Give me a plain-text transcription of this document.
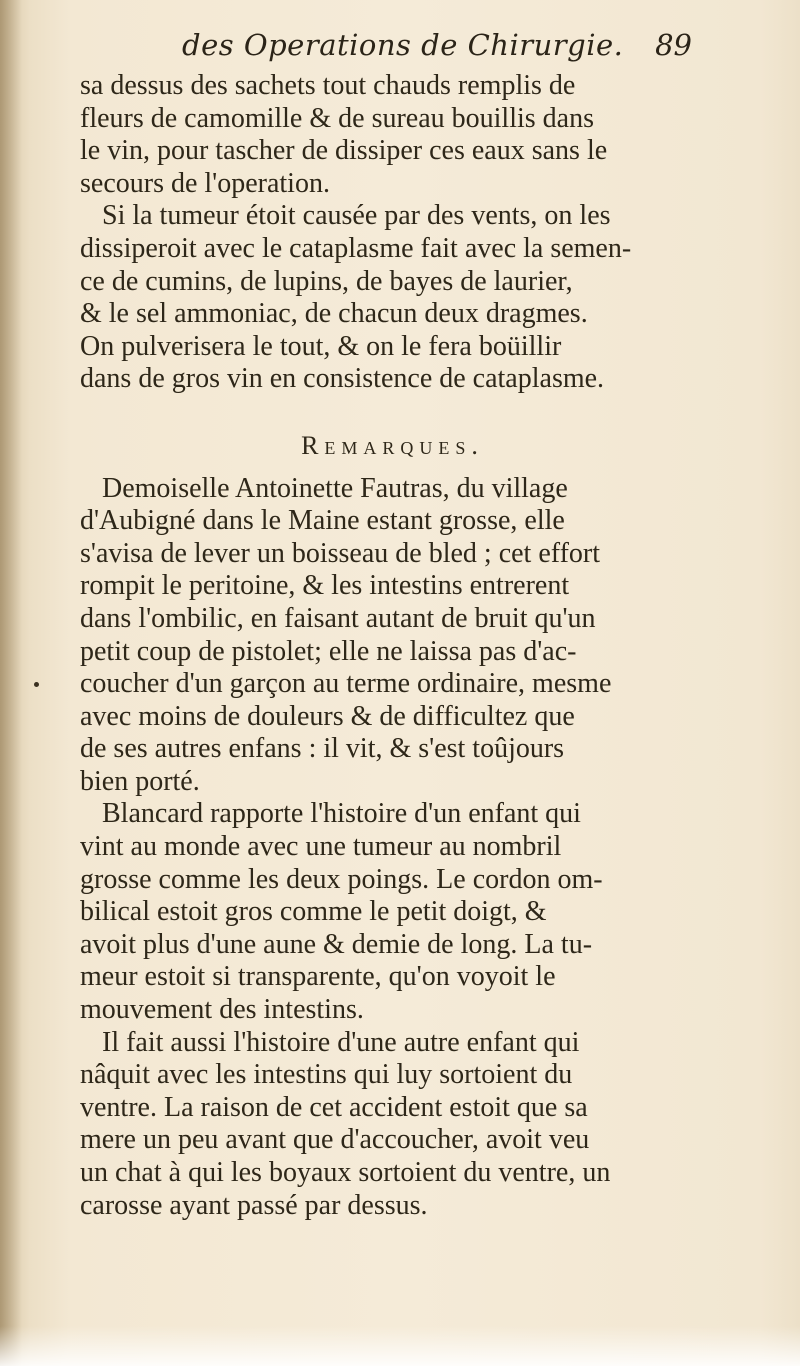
des Operations de Chirurgie. 89
sa dessus des sachets tout chauds remplis de
fleurs de camomille & de sureau bouillis dans
le vin, pour tascher de dissiper ces eaux sans le
secours de l'operation.
Si la tumeur étoit causée par des vents, on les
dissiperoit avec le cataplasme fait avec la semen-
ce de cumins, de lupins, de bayes de laurier,
& le sel ammoniac, de chacun deux dragmes.
On pulverisera le tout, & on le fera boüillir
dans de gros vin en consistence de cataplasme.
Remarques.
Demoiselle Antoinette Fautras, du village
d'Aubigné dans le Maine estant grosse, elle
s'avisa de lever un boisseau de bled ; cet effort
rompit le peritoine, & les intestins entrerent
dans l'ombilic, en faisant autant de bruit qu'un
petit coup de pistolet; elle ne laissa pas d'ac-
coucher d'un garçon au terme ordinaire, mesme
avec moins de douleurs & de difficultez que
de ses autres enfans : il vit, & s'est toûjours
bien porté.
Blancard rapporte l'histoire d'un enfant qui
vint au monde avec une tumeur au nombril
grosse comme les deux poings. Le cordon om-
bilical estoit gros comme le petit doigt, &
avoit plus d'une aune & demie de long. La tu-
meur estoit si transparente, qu'on voyoit le
mouvement des intestins.
Il fait aussi l'histoire d'une autre enfant qui
nâquit avec les intestins qui luy sortoient du
ventre. La raison de cet accident estoit que sa
mere un peu avant que d'accoucher, avoit veu
un chat à qui les boyaux sortoient du ventre, un
carosse ayant passé par dessus.
